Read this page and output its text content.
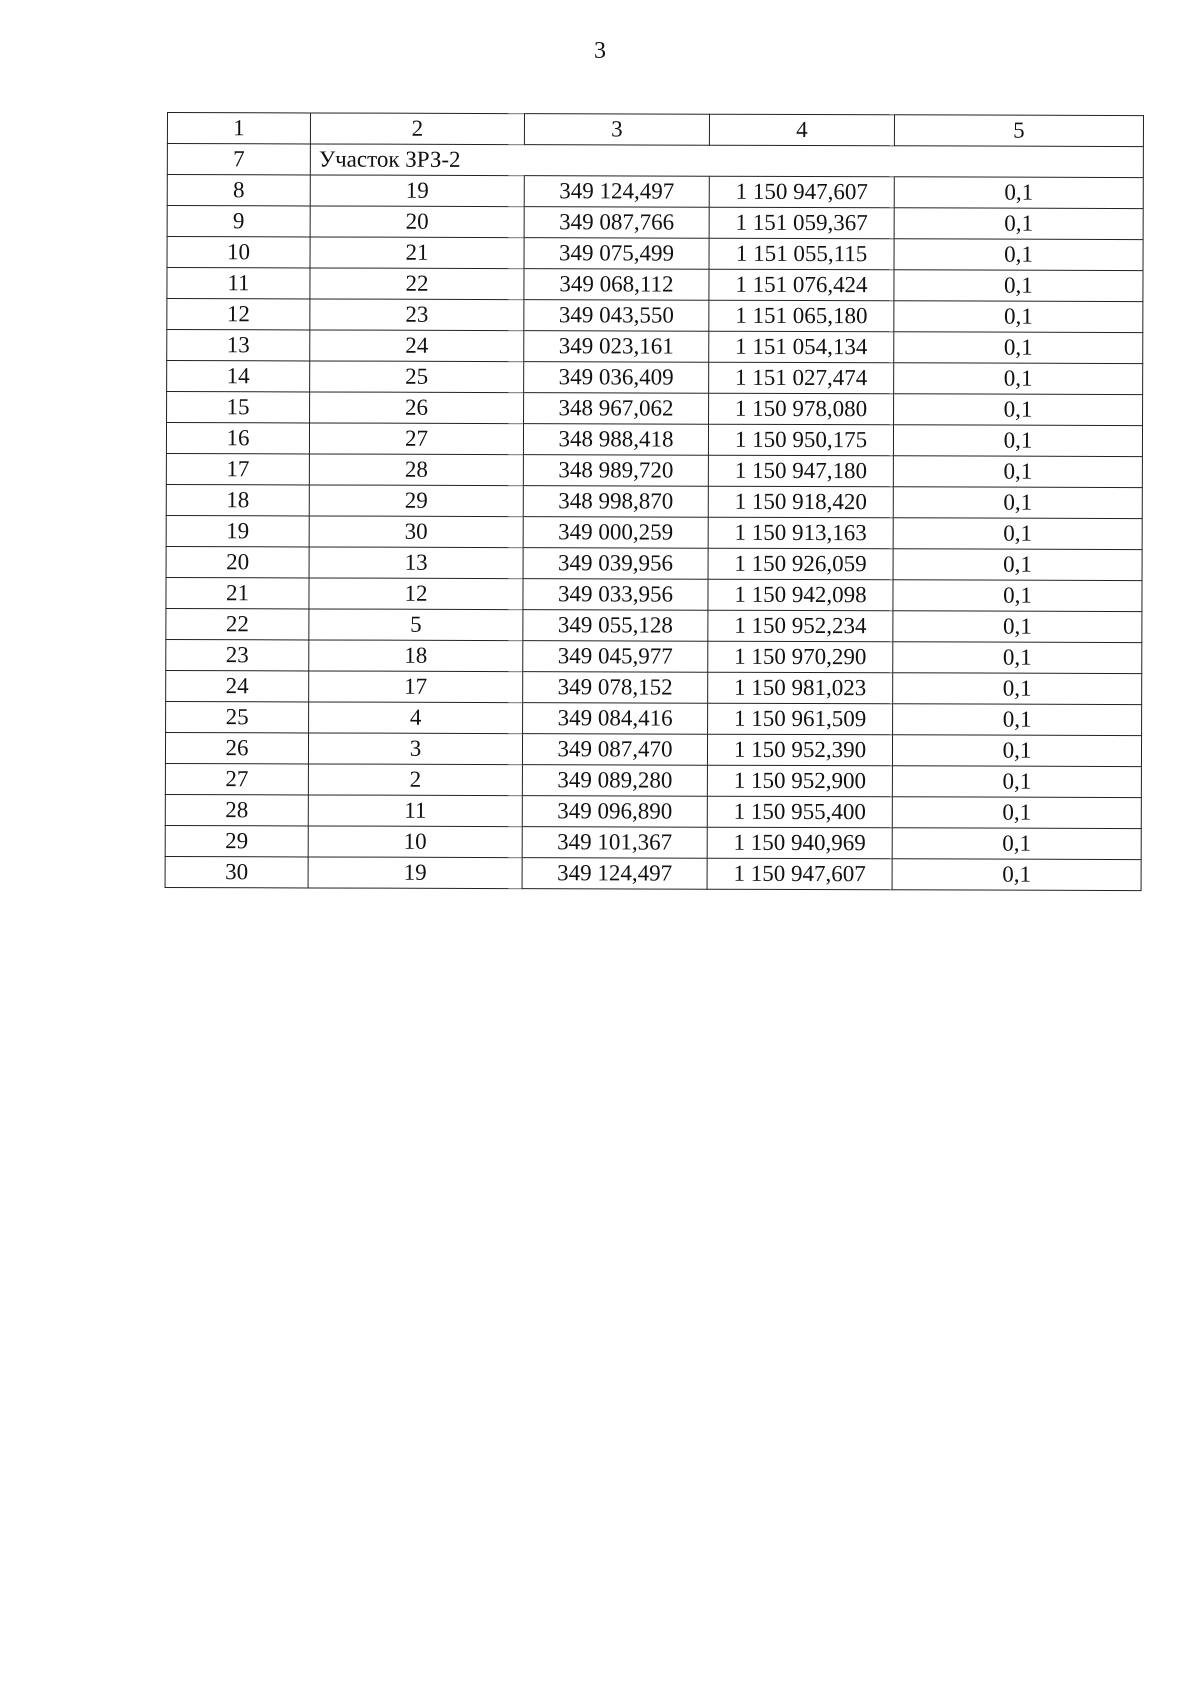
3
1	2	3	4	5
7	Участок ЗРЗ-2			
8	19	349 124,497	1 150 947,607	0,1
9	20	349 087,766	1 151 059,367	0,1
10	21	349 075,499	1 151 055,115	0,1
11	22	349 068,112	1 151 076,424	0,1
12	23	349 043,550	1 151 065,180	0,1
13	24	349 023,161	1 151 054,134	0,1
14	25	349 036,409	1 151 027,474	0,1
15	26	348 967,062	1 150 978,080	0,1
16	27	348 988,418	1 150 950,175	0,1
17	28	348 989,720	1 150 947,180	0,1
18	29	348 998,870	1 150 918,420	0,1
19	30	349 000,259	1 150 913,163	0,1
20	13	349 039,956	1 150 926,059	0,1
21	12	349 033,956	1 150 942,098	0,1
22	5	349 055,128	1 150 952,234	0,1
23	18	349 045,977	1 150 970,290	0,1
24	17	349 078,152	1 150 981,023	0,1
25	4	349 084,416	1 150 961,509	0,1
26	3	349 087,470	1 150 952,390	0,1
27	2	349 089,280	1 150 952,900	0,1
28	11	349 096,890	1 150 955,400	0,1
29	10	349 101,367	1 150 940,969	0,1
30	19	349 124,497	1 150 947,607	0,1
